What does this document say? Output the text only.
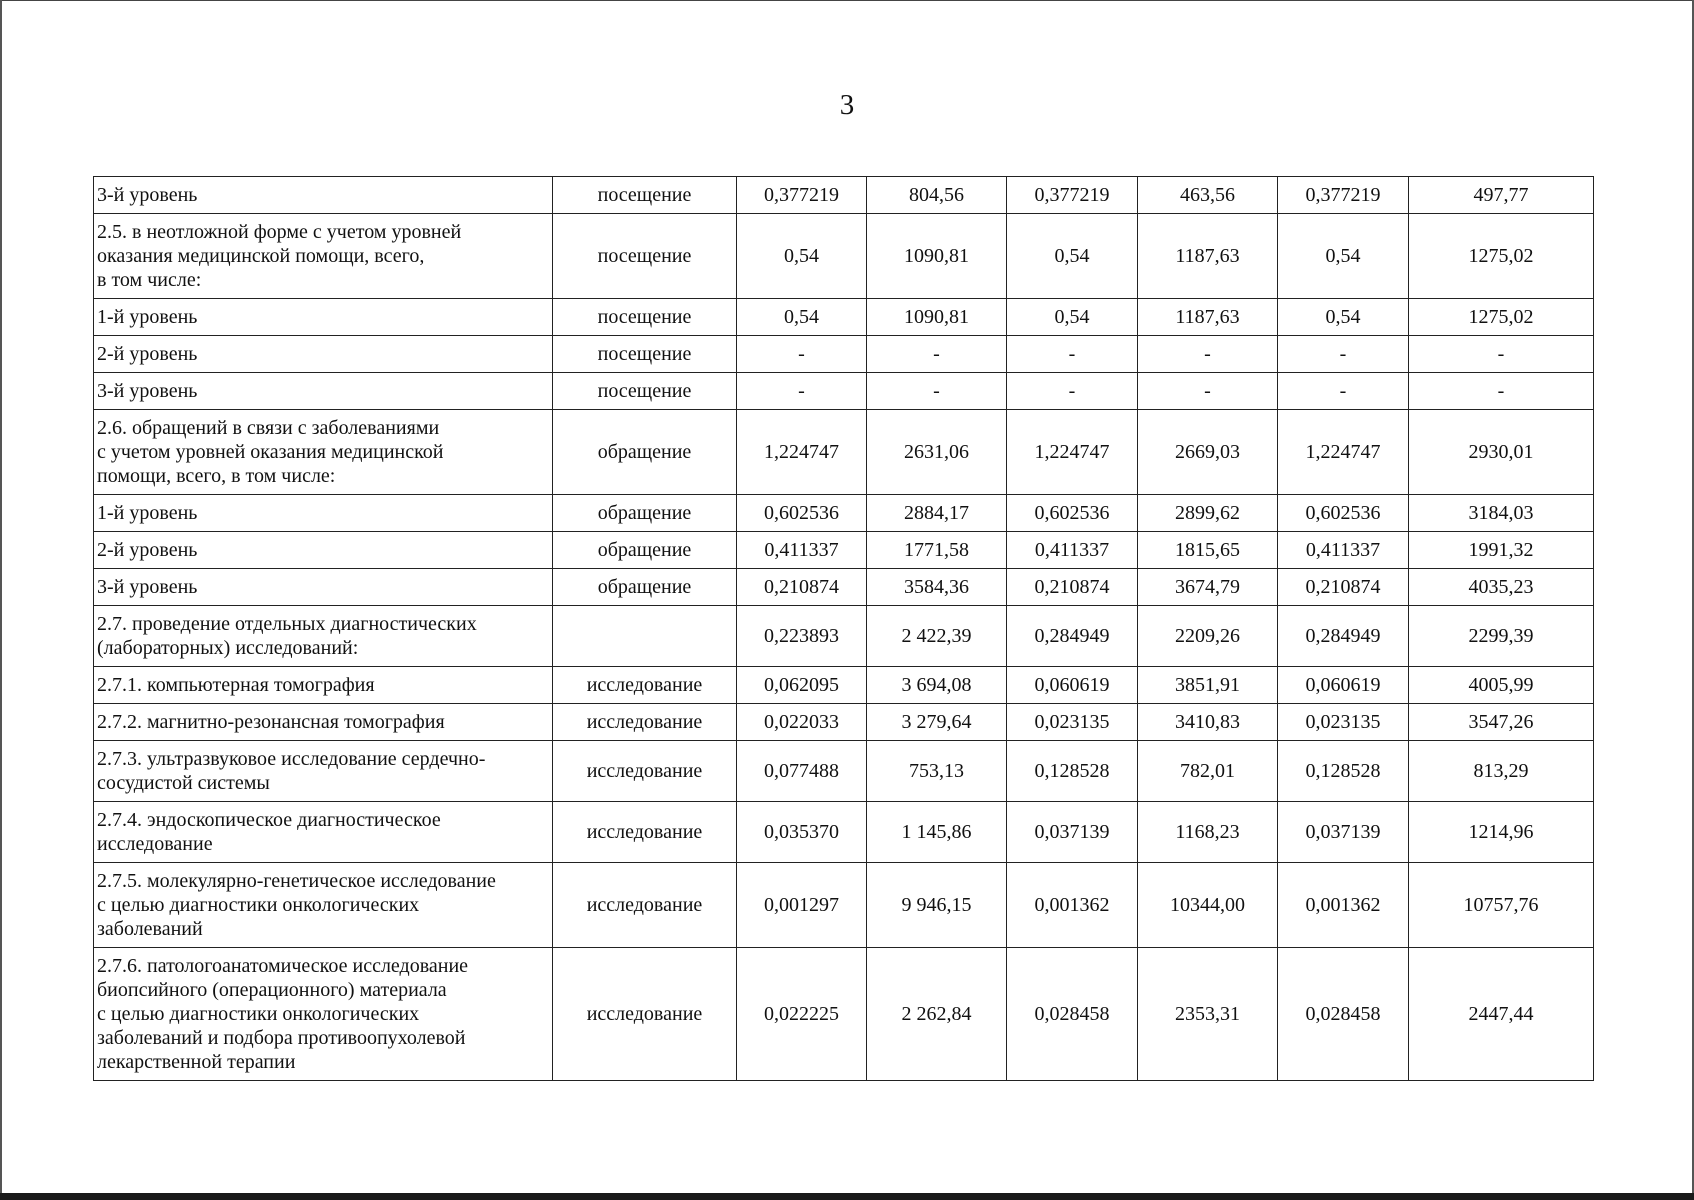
3
3-й уровень	посещение	0,377219	804,56	0,377219	463,56	0,377219	497,77
2.5. в неотложной форме с учетом уровней
оказания медицинской помощи, всего,
в том числе:	посещение	0,54	1090,81	0,54	1187,63	0,54	1275,02
1-й уровень	посещение	0,54	1090,81	0,54	1187,63	0,54	1275,02
2-й уровень	посещение	-	-	-	-	-	-
3-й уровень	посещение	-	-	-	-	-	-
2.6. обращений в связи с заболеваниями
с учетом уровней оказания медицинской
помощи, всего, в том числе:	обращение	1,224747	2631,06	1,224747	2669,03	1,224747	2930,01
1-й уровень	обращение	0,602536	2884,17	0,602536	2899,62	0,602536	3184,03
2-й уровень	обращение	0,411337	1771,58	0,411337	1815,65	0,411337	1991,32
3-й уровень	обращение	0,210874	3584,36	0,210874	3674,79	0,210874	4035,23
2.7. проведение отдельных диагностических
(лабораторных) исследований:		0,223893	2 422,39	0,284949	2209,26	0,284949	2299,39
2.7.1. компьютерная томография	исследование	0,062095	3 694,08	0,060619	3851,91	0,060619	4005,99
2.7.2. магнитно-резонансная томография	исследование	0,022033	3 279,64	0,023135	3410,83	0,023135	3547,26
2.7.3. ультразвуковое исследование сердечно-
сосудистой системы	исследование	0,077488	753,13	0,128528	782,01	0,128528	813,29
2.7.4. эндоскопическое диагностическое
исследование	исследование	0,035370	1 145,86	0,037139	1168,23	0,037139	1214,96
2.7.5. молекулярно-генетическое исследование
с целью диагностики онкологических
заболеваний	исследование	0,001297	9 946,15	0,001362	10344,00	0,001362	10757,76
2.7.6. патологоанатомическое исследование
биопсийного (операционного) материала
с целью диагностики онкологических
заболеваний и подбора противоопухолевой
лекарственной терапии	исследование	0,022225	2 262,84	0,028458	2353,31	0,028458	2447,44
